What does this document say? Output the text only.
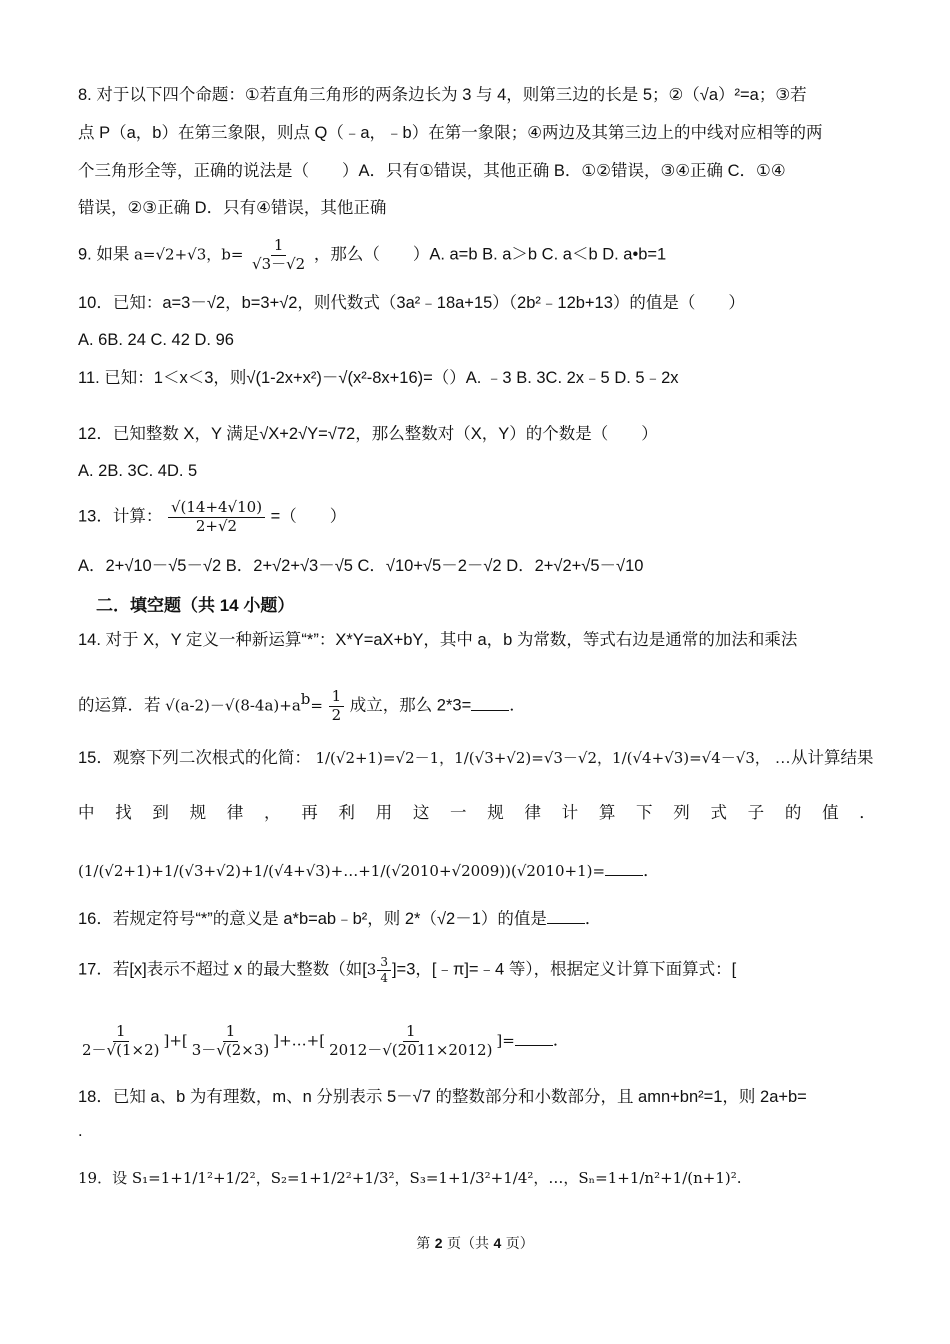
8. 对于以下四个命题：①若直角三角形的两条边长为 3 与 4，则第三边的长是 5；②（√a）²=a；③若
点 P（a，b）在第三象限，则点 Q（﹣a，﹣b）在第一象限；④两边及其第三边上的中线对应相等的两
个三角形全等，正确的说法是（　　）A．只有①错误，其他正确 B．①②错误，③④正确 C．①④
错误，②③正确 D．只有④错误，其他正确
9. 如果 a=√2+√3，$b= \frac{1}{√3-√2}$ ，那么（　　）A. a=b B. a＞b C. a＜b D. a•b=1
10．已知：a=3－√2，b=3+√2，则代数式（3a²﹣18a+15）（2b²﹣12b+13）的值是（　　）
A. 6B. 24 C. 42 D. 96
11. 已知：1＜x＜3，则√(1-2x+x²)－√(x²-8x+16)=（）A. ﹣3 B. 3C. 2x﹣5 D. 5﹣2x
12．已知整数 X，Y 满足√X+2√Y=√72，那么整数对（X，Y）的个数是（　　）
A. 2B. 3C. 4D. 5
13．计算： $\frac{√(14+4√10)}{2+√2}$ =（　　）
A．2+√10－√5－√2 B．2+√2+√3－√5 C．√10+√5－2－√2 D．2+√2+√5－√10
二．填空题（共 14 小题）
14. 对于 X，Y 定义一种新运算“*”：X*Y=aX+bY，其中 a，b 为常数，等式右边是通常的加法和乘法
的运算．若 $√(a-2)-√(8-4a)+a^b= \frac{1}{2}$ 成立，那么 2*3= ．
15．观察下列二次根式的化简： 1/(√2+1)=√2－1，1/(√3+√2)=√3－√2，1/(√4+√3)=√4－√3， …从计算结果
中 找 到 规 律 ， 再 利 用 这 一 规 律 计 算 下 列 式 子 的 值 ．
(1/(√2+1)+1/(√3+√2)+1/(√4+√3)+…+1/(√2010+√2009))(√2010+1)= ．
16．若规定符号“*”的意义是 a*b=ab﹣b²，则 2*（√2－1）的值是 ．
17．若[x]表示不超过 x 的最大整数（如$[3 \frac{3}{4} ]=3$，[﹣π]=﹣4 等），根据定义计算下面算式：[
$\frac{1}{2-√(1\times 2)}$ ]+[ $\frac{1}{3-√(2\times 3)}$ ]+…+[ $\frac{1}{2012-√(2011\times 2012)}$ ]= ．
18．已知 a、b 为有理数，m、n 分别表示 5－√7 的整数部分和小数部分，且 amn+bn²=1，则 2a+b=
.
19．设 S₁=1+1/1²+1/2²，S₂=1+1/2²+1/3²，S₃=1+1/3²+1/4²，…，Sₙ=1+1/n²+1/(n+1)².
第 2 页（共 4 页）
